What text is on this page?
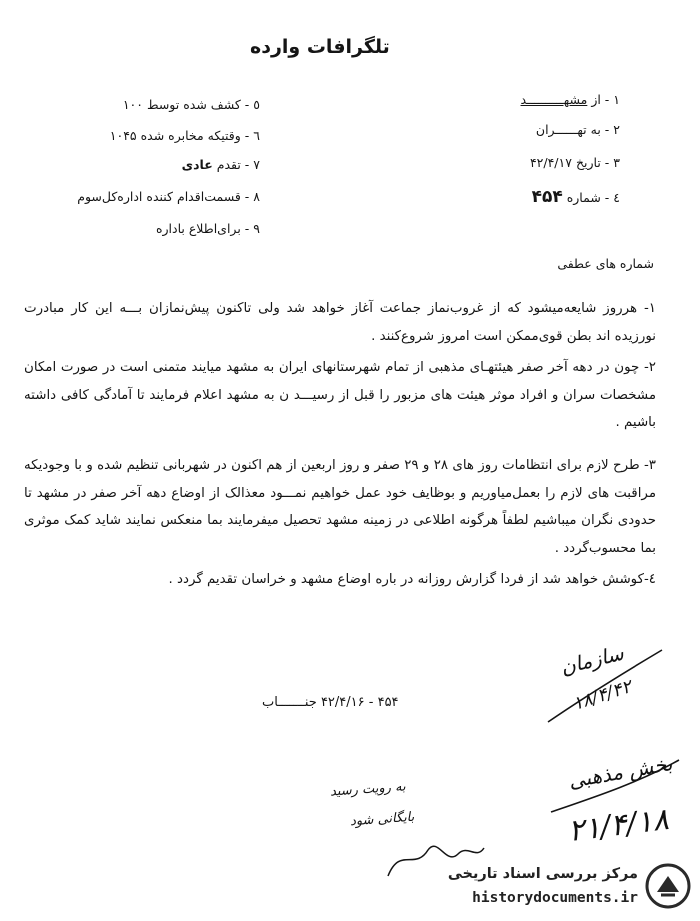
تلگرافات وارده
۱ - از مشهــــــــــد
۲ - به تهــــــران
۳ - تاریخ ۴۲/۴/۱۷
٤ - شماره ۴۵۴
٥ - کشف شده توسط ۱۰۰
٦ - وقتیکه مخابره شده ۱۰۴۵
۷ - تقدم عادی
۸ - قسمت‌اقدام کننده اداره‌کل‌سوم
۹ - برای‌اطلاع باداره
شماره های عطفی
۱- هرروز شایعه‌میشود که از غروب‌نماز جماعت آغاز خواهد شد ولی تاکنون پیش‌نمازان بـــه این کار مبادرت نورزیده اند بطن قوی‌ممکن است امروز شروع‌کنند .
۲- چون در دهه آخر صفر هیئتهـای مذهبی از تمام شهرستانهای ایران به مشهد میایند متمنی است در صورت امکان مشخصات سران و افراد موثر هیئت های مزبور را قبل از رسیـــد ن به مشهد اعلام فرمایند تا آمادگی کافی داشته باشیم .
۳- طرح لازم برای انتظامات روز های ۲۸ و ۲۹ صفر و روز اربعین از هم اکنون در شهربانی تنظیم شده و با وجودیکه مراقبت های لازم را بعمل‌میاوریم و بوظایف خود عمل خواهیم نمـــود معذالک از اوضاع دهه آخر صفر در مشهد تا حدودی نگران میباشیم لطفاً هرگونه اطلاعی در زمینه مشهد تحصیل میفرمایند بما منعکس نمایند شاید کمک موثری بما محسوب‌گردد .
٤-کوشش خواهد شد از فردا گزارش روزانه در باره اوضاع مشهد و خراسان تقدیم گردد .
۴۵۴ - ۴۲/۴/۱۶ جنـــــــاب
سازمان
۱۸/۴/۴۲
بخش مذهبی
۲۱/۴/۱۸
به رویت رسید
بایگانی شود
مرکز بررسی اسناد تاریخی
historydocuments.ir
